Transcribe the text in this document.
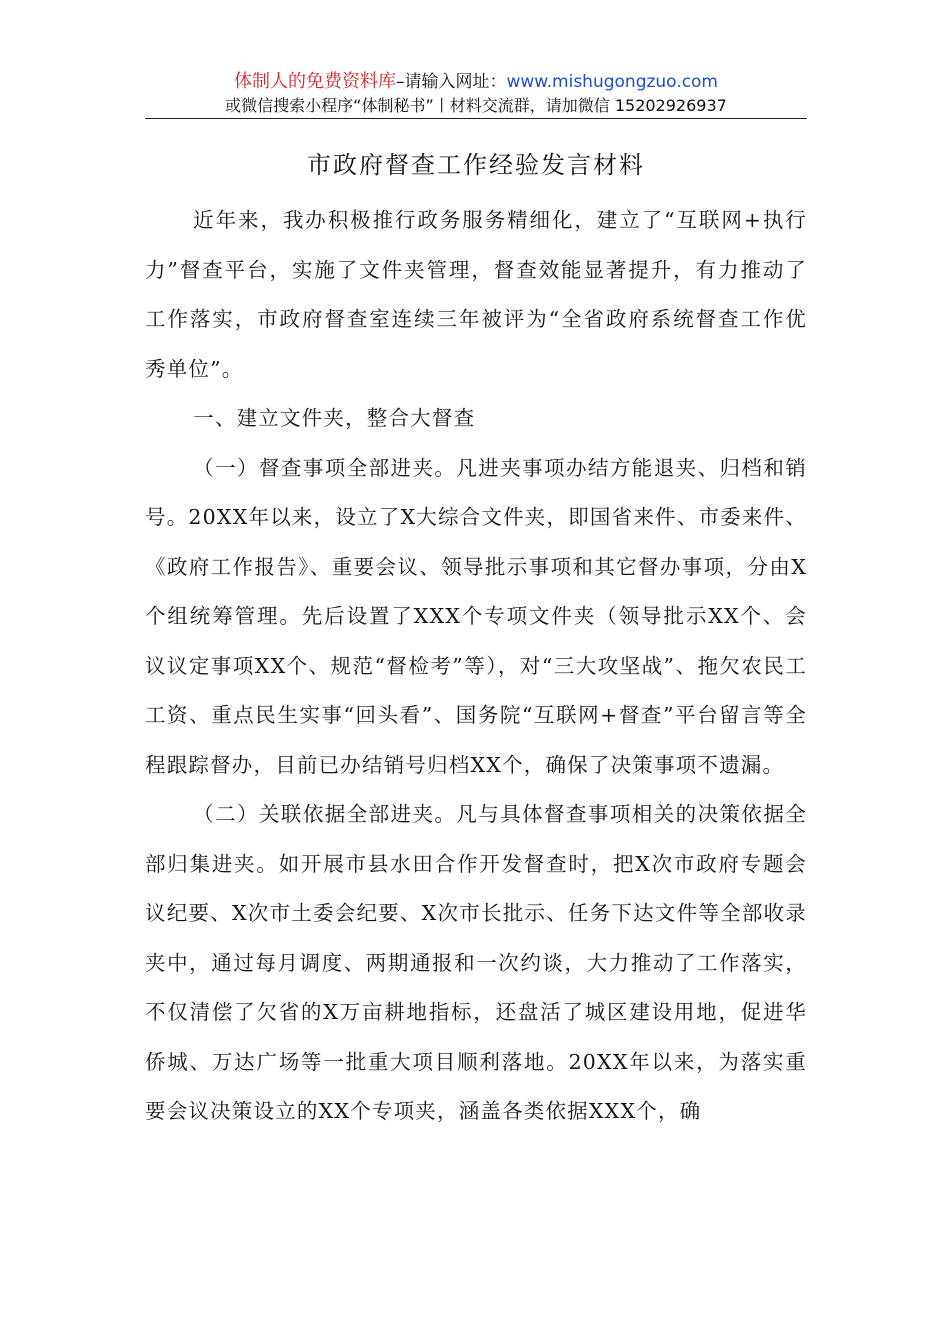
体制人的免费资料库–请输入网址：www.mishugongzuo.com
或微信搜索小程序“体制秘书”丨材料交流群，请加微信 15202926937
市政府督查工作经验发言材料

近年来，我办积极推行政务服务精细化，建立了“互联网+执行力”督查平台，实施了文件夹管理，督查效能显著提升，有力推动了工作落实，市政府督查室连续三年被评为“全省政府系统督查工作优秀单位”。

一、建立文件夹，整合大督查

（一）督查事项全部进夹。凡进夹事项办结方能退夹、归档和销号。20XX年以来，设立了X大综合文件夹，即国省来件、市委来件、《政府工作报告》、重要会议、领导批示事项和其它督办事项，分由X个组统筹管理。先后设置了XXX个专项文件夹（领导批示XX个、会议议定事项XX个、规范“督检考”等），对“三大攻坚战”、拖欠农民工工资、重点民生实事“回头看”、国务院“互联网+督查”平台留言等全程跟踪督办，目前已办结销号归档XX个，确保了决策事项不遗漏。

（二）关联依据全部进夹。凡与具体督查事项相关的决策依据全部归集进夹。如开展市县水田合作开发督查时，把X次市政府专题会议纪要、X次市土委会纪要、X次市长批示、任务下达文件等全部收录夹中，通过每月调度、两期通报和一次约谈，大力推动了工作落实，不仅清偿了欠省的X万亩耕地指标，还盘活了城区建设用地，促进华侨城、万达广场等一批重大项目顺利落地。20XX年以来，为落实重要会议决策设立的XX个专项夹，涵盖各类依据XXX个，确
